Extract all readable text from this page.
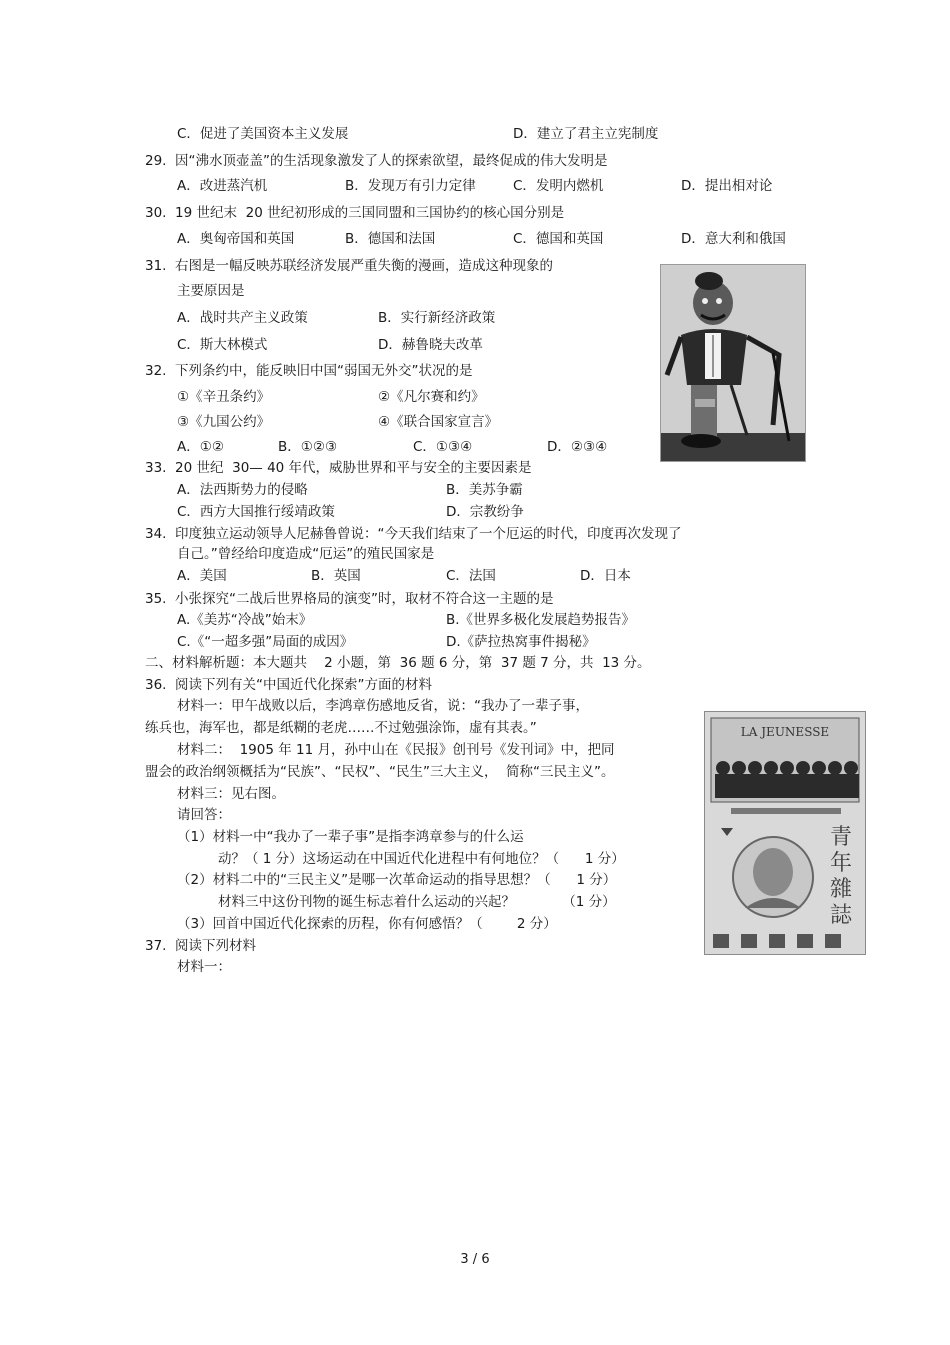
C．促进了美国资本主义发展	D．建立了君主立宪制度
29.  因“沸水顶壶盖”的生活现象激发了人的探索欲望，最终促成的伟大发明是
A．改进蒸汽机	B．发现万有引力定律	C．发明内燃机	D．提出相对论
30.  19 世纪末  20 世纪初形成的三国同盟和三国协约的核心国分别是
A．奥匈帝国和英国	B．德国和法国	C．德国和英国	D．意大利和俄国
31.  右图是一幅反映苏联经济发展严重失衡的漫画，造成这种现象的
主要原因是
A．战时共产主义政策	B．实行新经济政策
C．斯大林模式	D．赫鲁晓夫改革
32.  下列条约中，能反映旧中国“弱国无外交”状况的是
①《辛丑条约》	②《凡尔赛和约》
③《九国公约》	④《联合国家宣言》
A．①②	B．①②③	C．①③④	D．②③④
33.  20 世纪  30— 40 年代，威胁世界和平与安全的主要因素是
A．法西斯势力的侵略	B．美苏争霸
C．西方大国推行绥靖政策	D．宗教纷争
34.  印度独立运动领导人尼赫鲁曾说：“今天我们结束了一个厄运的时代，印度再次发现了
自己。”曾经给印度造成“厄运”的殖民国家是
A．美国	B．英国	C．法国	D．日本
35.  小张探究“二战后世界格局的演变”时，取材不符合这一主题的是
A.《美苏“冷战”始末》	B.《世界多极化发展趋势报告》
C.《“一超多强”局面的成因》	D.《萨拉热窝事件揭秘》
二、材料解析题：本大题共    2 小题，第  36 题 6 分，第  37 题 7 分，共  13 分。
36.  阅读下列有关“中国近代化探索”方面的材料
材料一：甲午战败以后，李鸿章伤感地反省，说：“我办了一辈子事，
练兵也，海军也，都是纸糊的老虎……不过勉强涂饰，虚有其表。”
材料二：  1905 年 11 月，孙中山在《民报》创刊号《发刊词》中，把同
盟会的政治纲领概括为“民族”、“民权”、“民生”三大主义，  简称“三民主义”。
材料三：见右图。
请回答：
（1）材料一中“我办了一辈子事”是指李鸿章参与的什么运
动？（ 1 分）这场运动在中国近代化进程中有何地位？（      1 分）
（2）材料二中的“三民主义”是哪一次革命运动的指导思想？（      1 分）
材料三中这份刊物的诞生标志着什么运动的兴起？           （1 分）
（3）回首中国近代化探索的历程，你有何感悟？（        2 分）
37.  阅读下列材料
材料一：
LA JEUNESSE
青
年
雜
誌
3 / 6
